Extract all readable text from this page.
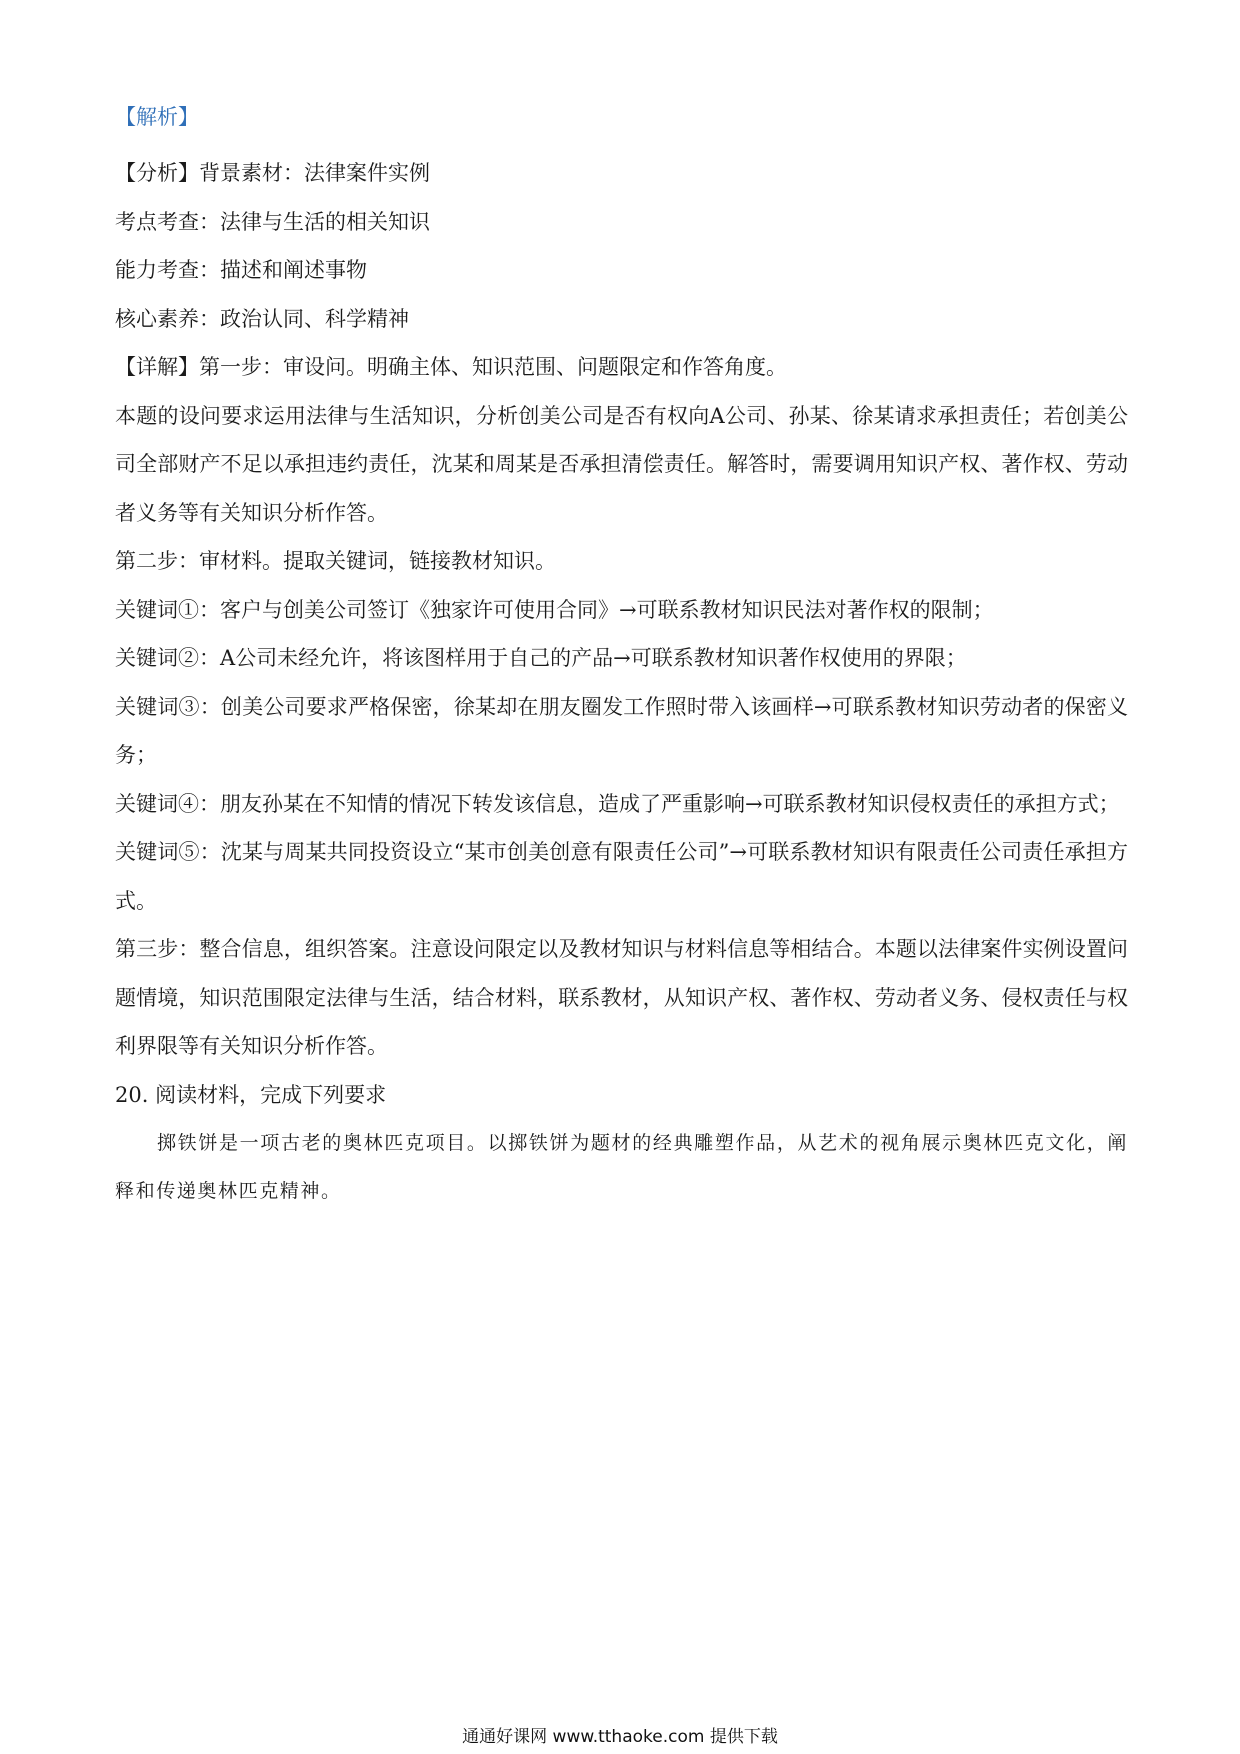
【解析】

【分析】背景素材：法律案件实例

考点考查：法律与生活的相关知识

能力考查：描述和阐述事物

核心素养：政治认同、科学精神

【详解】第一步：审设问。明确主体、知识范围、问题限定和作答角度。

本题的设问要求运用法律与生活知识，分析创美公司是否有权向A公司、孙某、徐某请求承担责任；若创美公司全部财产不足以承担违约责任，沈某和周某是否承担清偿责任。解答时，需要调用知识产权、著作权、劳动者义务等有关知识分析作答。

第二步：审材料。提取关键词，链接教材知识。

关键词①：客户与创美公司签订《独家许可使用合同》→可联系教材知识民法对著作权的限制；

关键词②：A公司未经允许，将该图样用于自己的产品→可联系教材知识著作权使用的界限；

关键词③：创美公司要求严格保密，徐某却在朋友圈发工作照时带入该画样→可联系教材知识劳动者的保密义务；

关键词④：朋友孙某在不知情的情况下转发该信息，造成了严重影响→可联系教材知识侵权责任的承担方式；

关键词⑤：沈某与周某共同投资设立“某市创美创意有限责任公司”→可联系教材知识有限责任公司责任承担方式。

第三步：整合信息，组织答案。注意设问限定以及教材知识与材料信息等相结合。本题以法律案件实例设置问题情境，知识范围限定法律与生活，结合材料，联系教材，从知识产权、著作权、劳动者义务、侵权责任与权利界限等有关知识分析作答。

20. 阅读材料，完成下列要求

掷铁饼是一项古老的奥林匹克项目。以掷铁饼为题材的经典雕塑作品，从艺术的视角展示奥林匹克文化，阐释和传递奥林匹克精神。

通通好课网 www.tthaoke.com 提供下载
